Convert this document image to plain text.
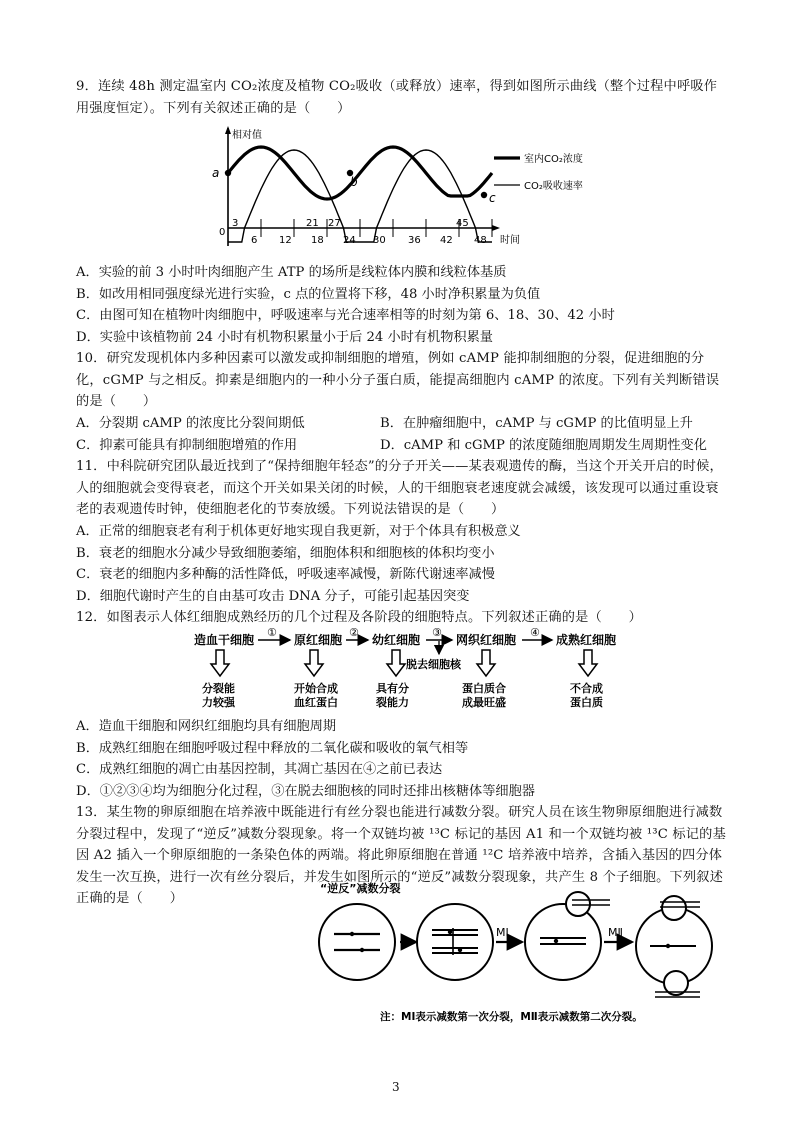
9．连续 48h 测定温室内 CO₂浓度及植物 CO₂吸收（或释放）速率，得到如图所示曲线（整个过程中呼吸作用强度恒定）。下列有关叙述正确的是（　　）
相对值
a
b
c
0
3	21 27	45
6 12 18 24 30 36 42 48 时间
室内CO₂浓度
CO₂吸收速率
A．实验的前 3 小时叶肉细胞产生 ATP 的场所是线粒体内膜和线粒体基质
B．如改用相同强度绿光进行实验，c 点的位置将下移，48 小时净积累量为负值
C．由图可知在植物叶肉细胞中，呼吸速率与光合速率相等的时刻为第 6、18、30、42 小时
D．实验中该植物前 24 小时有机物积累量小于后 24 小时有机物积累量
10．研究发现机体内多种因素可以激发或抑制细胞的增殖，例如 cAMP 能抑制细胞的分裂，促进细胞的分化，cGMP 与之相反。抑素是细胞内的一种小分子蛋白质，能提高细胞内 cAMP 的浓度。下列有关判断错误的是（　　）
A．分裂期 cAMP 的浓度比分裂间期低	B．在肿瘤细胞中，cAMP 与 cGMP 的比值明显上升
C．抑素可能具有抑制细胞增殖的作用	D．cAMP 和 cGMP 的浓度随细胞周期发生周期性变化
11．中科院研究团队最近找到了“保持细胞年轻态”的分子开关——某表观遗传的酶，当这个开关开启的时候，人的细胞就会变得衰老，而这个开关如果关闭的时候，人的干细胞衰老速度就会减缓，该发现可以通过重设衰老的表观遗传时钟，使细胞老化的节奏放缓。下列说法错误的是（　　）
A．正常的细胞衰老有利于机体更好地实现自我更新，对于个体具有积极意义
B．衰老的细胞水分减少导致细胞萎缩，细胞体积和细胞核的体积均变小
C．衰老的细胞内多种酶的活性降低，呼吸速率减慢，新陈代谢速率减慢
D．细胞代谢时产生的自由基可攻击 DNA 分子，可能引起基因突变
12．如图表示人体红细胞成熟经历的几个过程及各阶段的细胞特点。下列叙述正确的是（　　）
造血干细胞	原红细胞 幼红细胞	网织红细胞	成熟红细胞
①	②	③	④
脱去细胞核
分裂能力较强
开始合成血红蛋白
具有分裂能力
蛋白质合成最旺盛
不合成蛋白质
A．造血干细胞和网织红细胞均具有细胞周期
B．成熟红细胞在细胞呼吸过程中释放的二氧化碳和吸收的氧气相等
C．成熟红细胞的凋亡由基因控制，其凋亡基因在④之前已表达
D．①②③④均为细胞分化过程，③在脱去细胞核的同时还排出核糖体等细胞器
13．某生物的卵原细胞在培养液中既能进行有丝分裂也能进行减数分裂。研究人员在该生物卵原细胞进行减数分裂过程中，发现了“逆反”减数分裂现象。将一个双链均被 ¹³C 标记的基因 A1 和一个双链均被 ¹³C 标记的基因 A2 插入一个卵原细胞的一条染色体的两端。将此卵原细胞在普通 ¹²C 培养液中培养，含插入基因的四分体发生一次互换，进行一次有丝分裂后，并发生如图所示的“逆反”减数分裂现象，共产生 8 个子细胞。下列叙述正确的是（　　）
“逆反”减数分裂
MⅠ	MⅡ
注：MⅠ表示减数第一次分裂，MⅡ表示减数第二次分裂。
3
